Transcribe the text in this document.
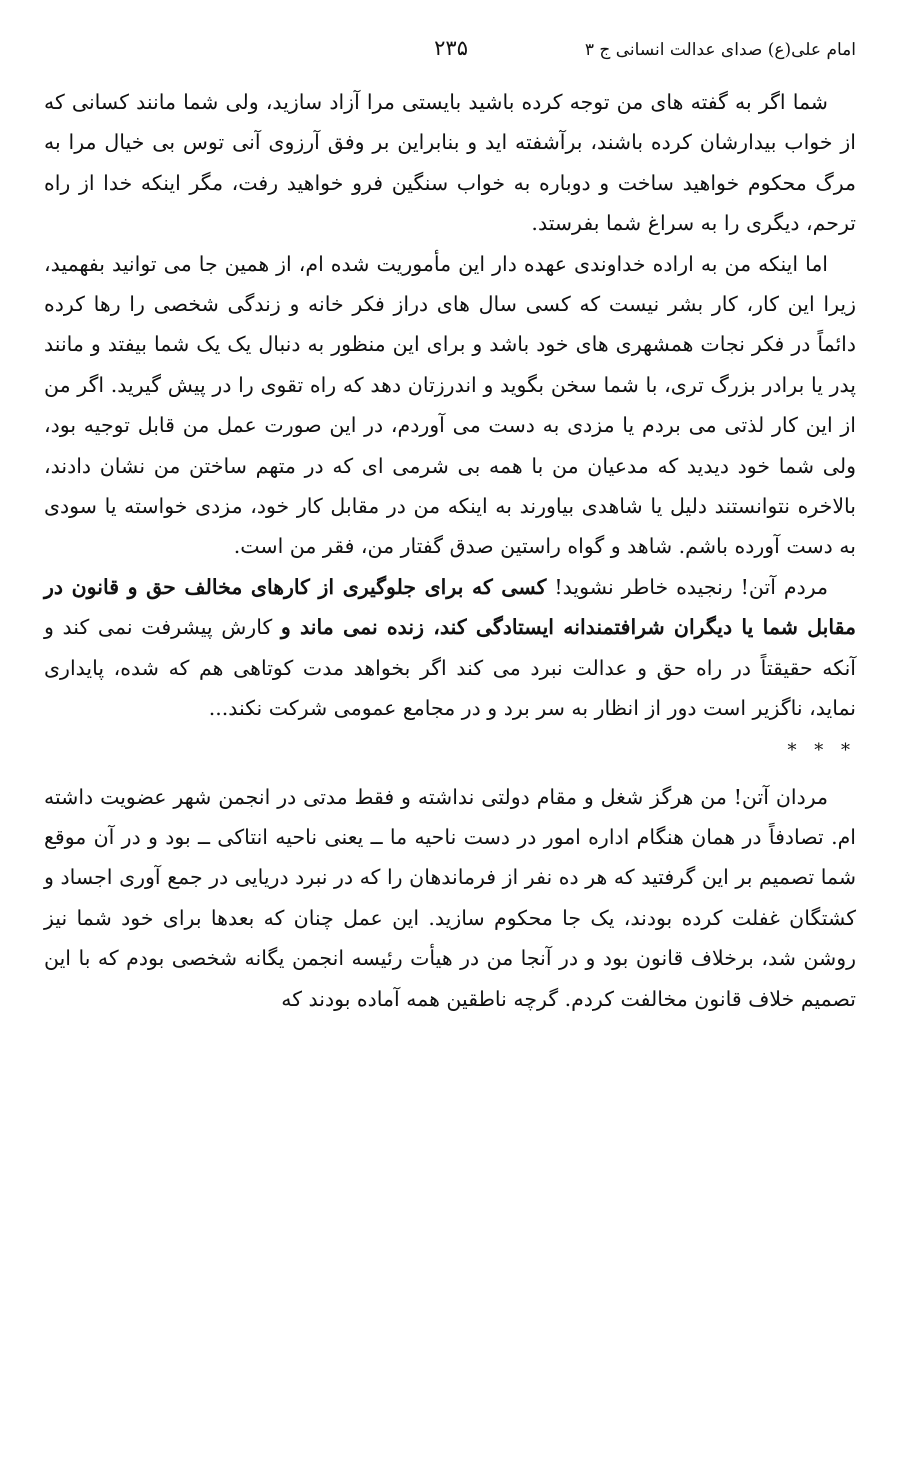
امام علی(ع) صدای عدالت انسانی ج ۳
۲۳۵

شما اگر به گفته های من توجه کرده باشید بایستی مرا آزاد سازید، ولی شما مانند کسانی که از خواب بیدارشان کرده باشند، برآشفته اید و بنابراین بر وفق آرزوی آنی توس بی خیال مرا به مرگ محکوم خواهید ساخت و دوباره به خواب سنگین فرو خواهید رفت، مگر اینکه خدا از راه ترحم، دیگری را به سراغ شما بفرستد.

اما اینکه من به اراده خداوندی عهده دار این مأموریت شده ام، از همین جا می توانید بفهمید، زیرا این کار، کار بشر نیست که کسی سال های دراز فکر خانه و زندگی شخصی را رها کرده دائماً در فکر نجات همشهری های خود باشد و برای این منظور به دنبال یک یک شما بیفتد و مانند پدر یا برادر بزرگ تری، با شما سخن بگوید و اندرزتان دهد که راه تقوی را در پیش گیرید. اگر من از این کار لذتی می بردم یا مزدی به دست می آوردم، در این صورت عمل من قابل توجیه بود، ولی شما خود دیدید که مدعیان من با همه بی شرمی ای که در متهم ساختن من نشان دادند، بالاخره نتوانستند دلیل یا شاهدی بیاورند به اینکه من در مقابل کار خود، مزدی خواسته یا سودی به دست آورده باشم. شاهد و گواه راستین صدق گفتار من، فقر من است.

مردم آتن! رنجیده خاطر نشوید! کسی که برای جلوگیری از کارهای مخالف حق و قانون در مقابل شما یا دیگران شرافتمندانه ایستادگی کند، زنده نمی ماند و کارش پیشرفت نمی کند و آنکه حقیقتاً در راه حق و عدالت نبرد می کند اگر بخواهد مدت کوتاهی هم که شده، پایداری نماید، ناگزیر است دور از انظار به سر برد و در مجامع عمومی شرکت نکند...

* * *

مردان آتن! من هرگز شغل و مقام دولتی نداشته و فقط مدتی در انجمن شهر عضویت داشته ام. تصادفاً در همان هنگام اداره امور در دست ناحیه ما ــ یعنی ناحیه انتاکی ــ بود و در آن موقع شما تصمیم بر این گرفتید که هر ده نفر از فرماندهان را که در نبرد دریایی در جمع آوری اجساد و کشتگان غفلت کرده بودند، یک جا محکوم سازید. این عمل چنان که بعدها برای خود شما نیز روشن شد، برخلاف قانون بود و در آنجا من در هیأت رئیسه انجمن یگانه شخصی بودم که با این تصمیم خلاف قانون مخالفت کردم. گرچه ناطقین همه آماده بودند که
